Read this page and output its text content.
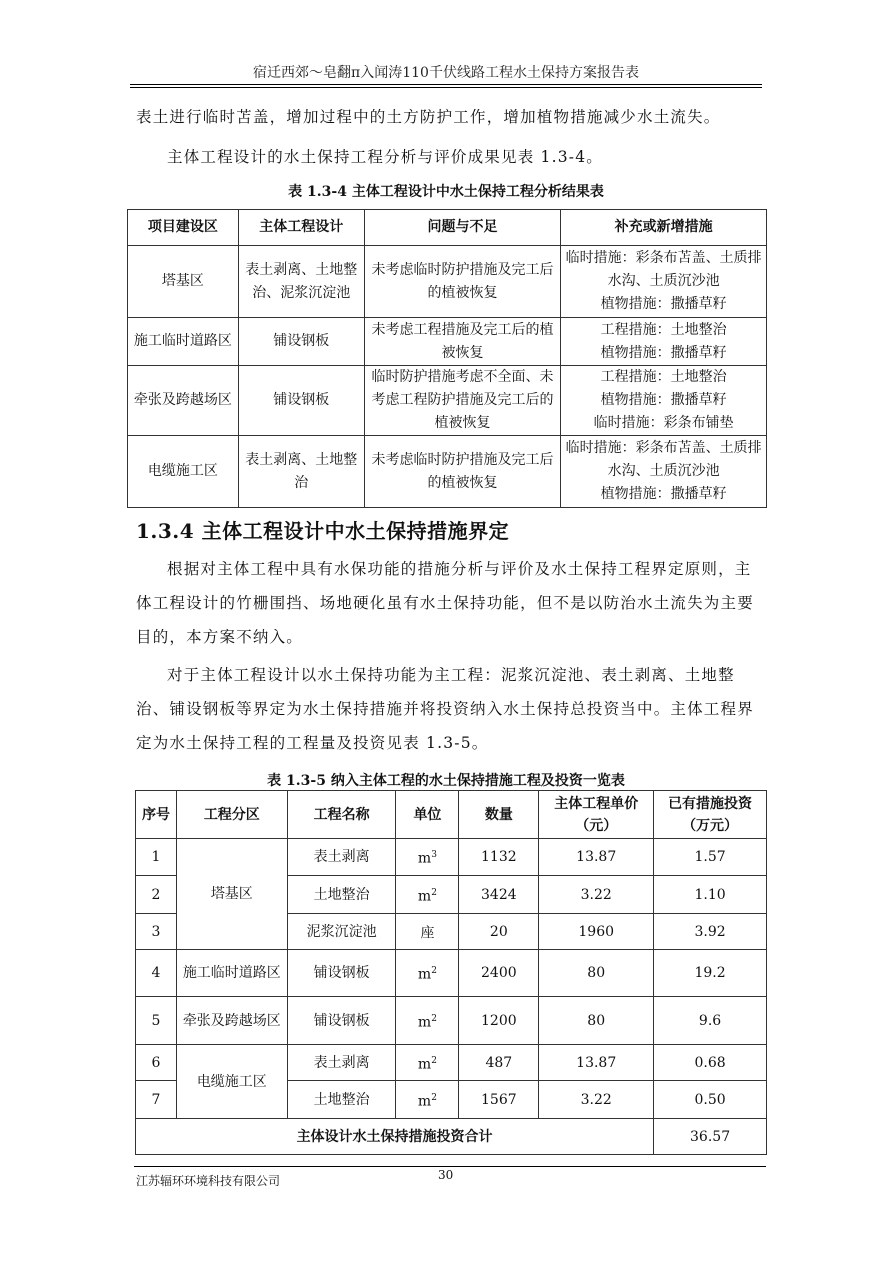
宿迁西郊～皂翻π入闻涛110千伏线路工程水土保持方案报告表

表土进行临时苫盖，增加过程中的土方防护工作，增加植物措施减少水土流失。

主体工程设计的水土保持工程分析与评价成果见表 1.3-4。

表 1.3-4 主体工程设计中水土保持工程分析结果表

项目建设区	主体工程设计	问题与不足	补充或新增措施
塔基区	表土剥离、土地整治、泥浆沉淀池	未考虑临时防护措施及完工后的植被恢复	临时措施：彩条布苫盖、土质排水沟、土质沉沙池
植物措施：撒播草籽

施工临时道路区	铺设钢板	未考虑工程措施及完工后的植被恢复	工程措施：土地整治
植物措施：撒播草籽

牵张及跨越场区	铺设钢板	临时防护措施考虑不全面、未考虑工程防护措施及完工后的植被恢复	工程措施：土地整治
植物措施：撒播草籽
临时措施：彩条布铺垫

电缆施工区	表土剥离、土地整治	未考虑临时防护措施及完工后的植被恢复	临时措施：彩条布苫盖、土质排水沟、土质沉沙池
植物措施：撒播草籽
1.3.4 主体工程设计中水土保持措施界定

根据对主体工程中具有水保功能的措施分析与评价及水土保持工程界定原则，主体工程设计的竹栅围挡、场地硬化虽有水土保持功能，但不是以防治水土流失为主要目的，本方案不纳入。

对于主体工程设计以水土保持功能为主工程：泥浆沉淀池、表土剥离、土地整治、铺设钢板等界定为水土保持措施并将投资纳入水土保持总投资当中。主体工程界定为水土保持工程的工程量及投资见表 1.3-5。

表 1.3-5 纳入主体工程的水土保持措施工程及投资一览表

序号	工程分区	工程名称	单位	数量	主体工程单价（元）	已有措施投资（万元）
1	塔基区	表土剥离	$m^3$	1132	13.87	1.57
2		土地整治	$m^2$	3424	3.22	1.10
3		泥浆沉淀池	座	20	1960	3.92
4	施工临时道路区	铺设钢板	$m^2$	2400	80	19.2
5	牵张及跨越场区	铺设钢板	$m^2$	1200	80	9.6
6	电缆施工区	表土剥离	$m^2$	487	13.87	0.68
7		土地整治	$m^2$	1567	3.22	0.50
主体设计水土保持措施投资合计						36.57
江苏辐环环境科技有限公司	30
